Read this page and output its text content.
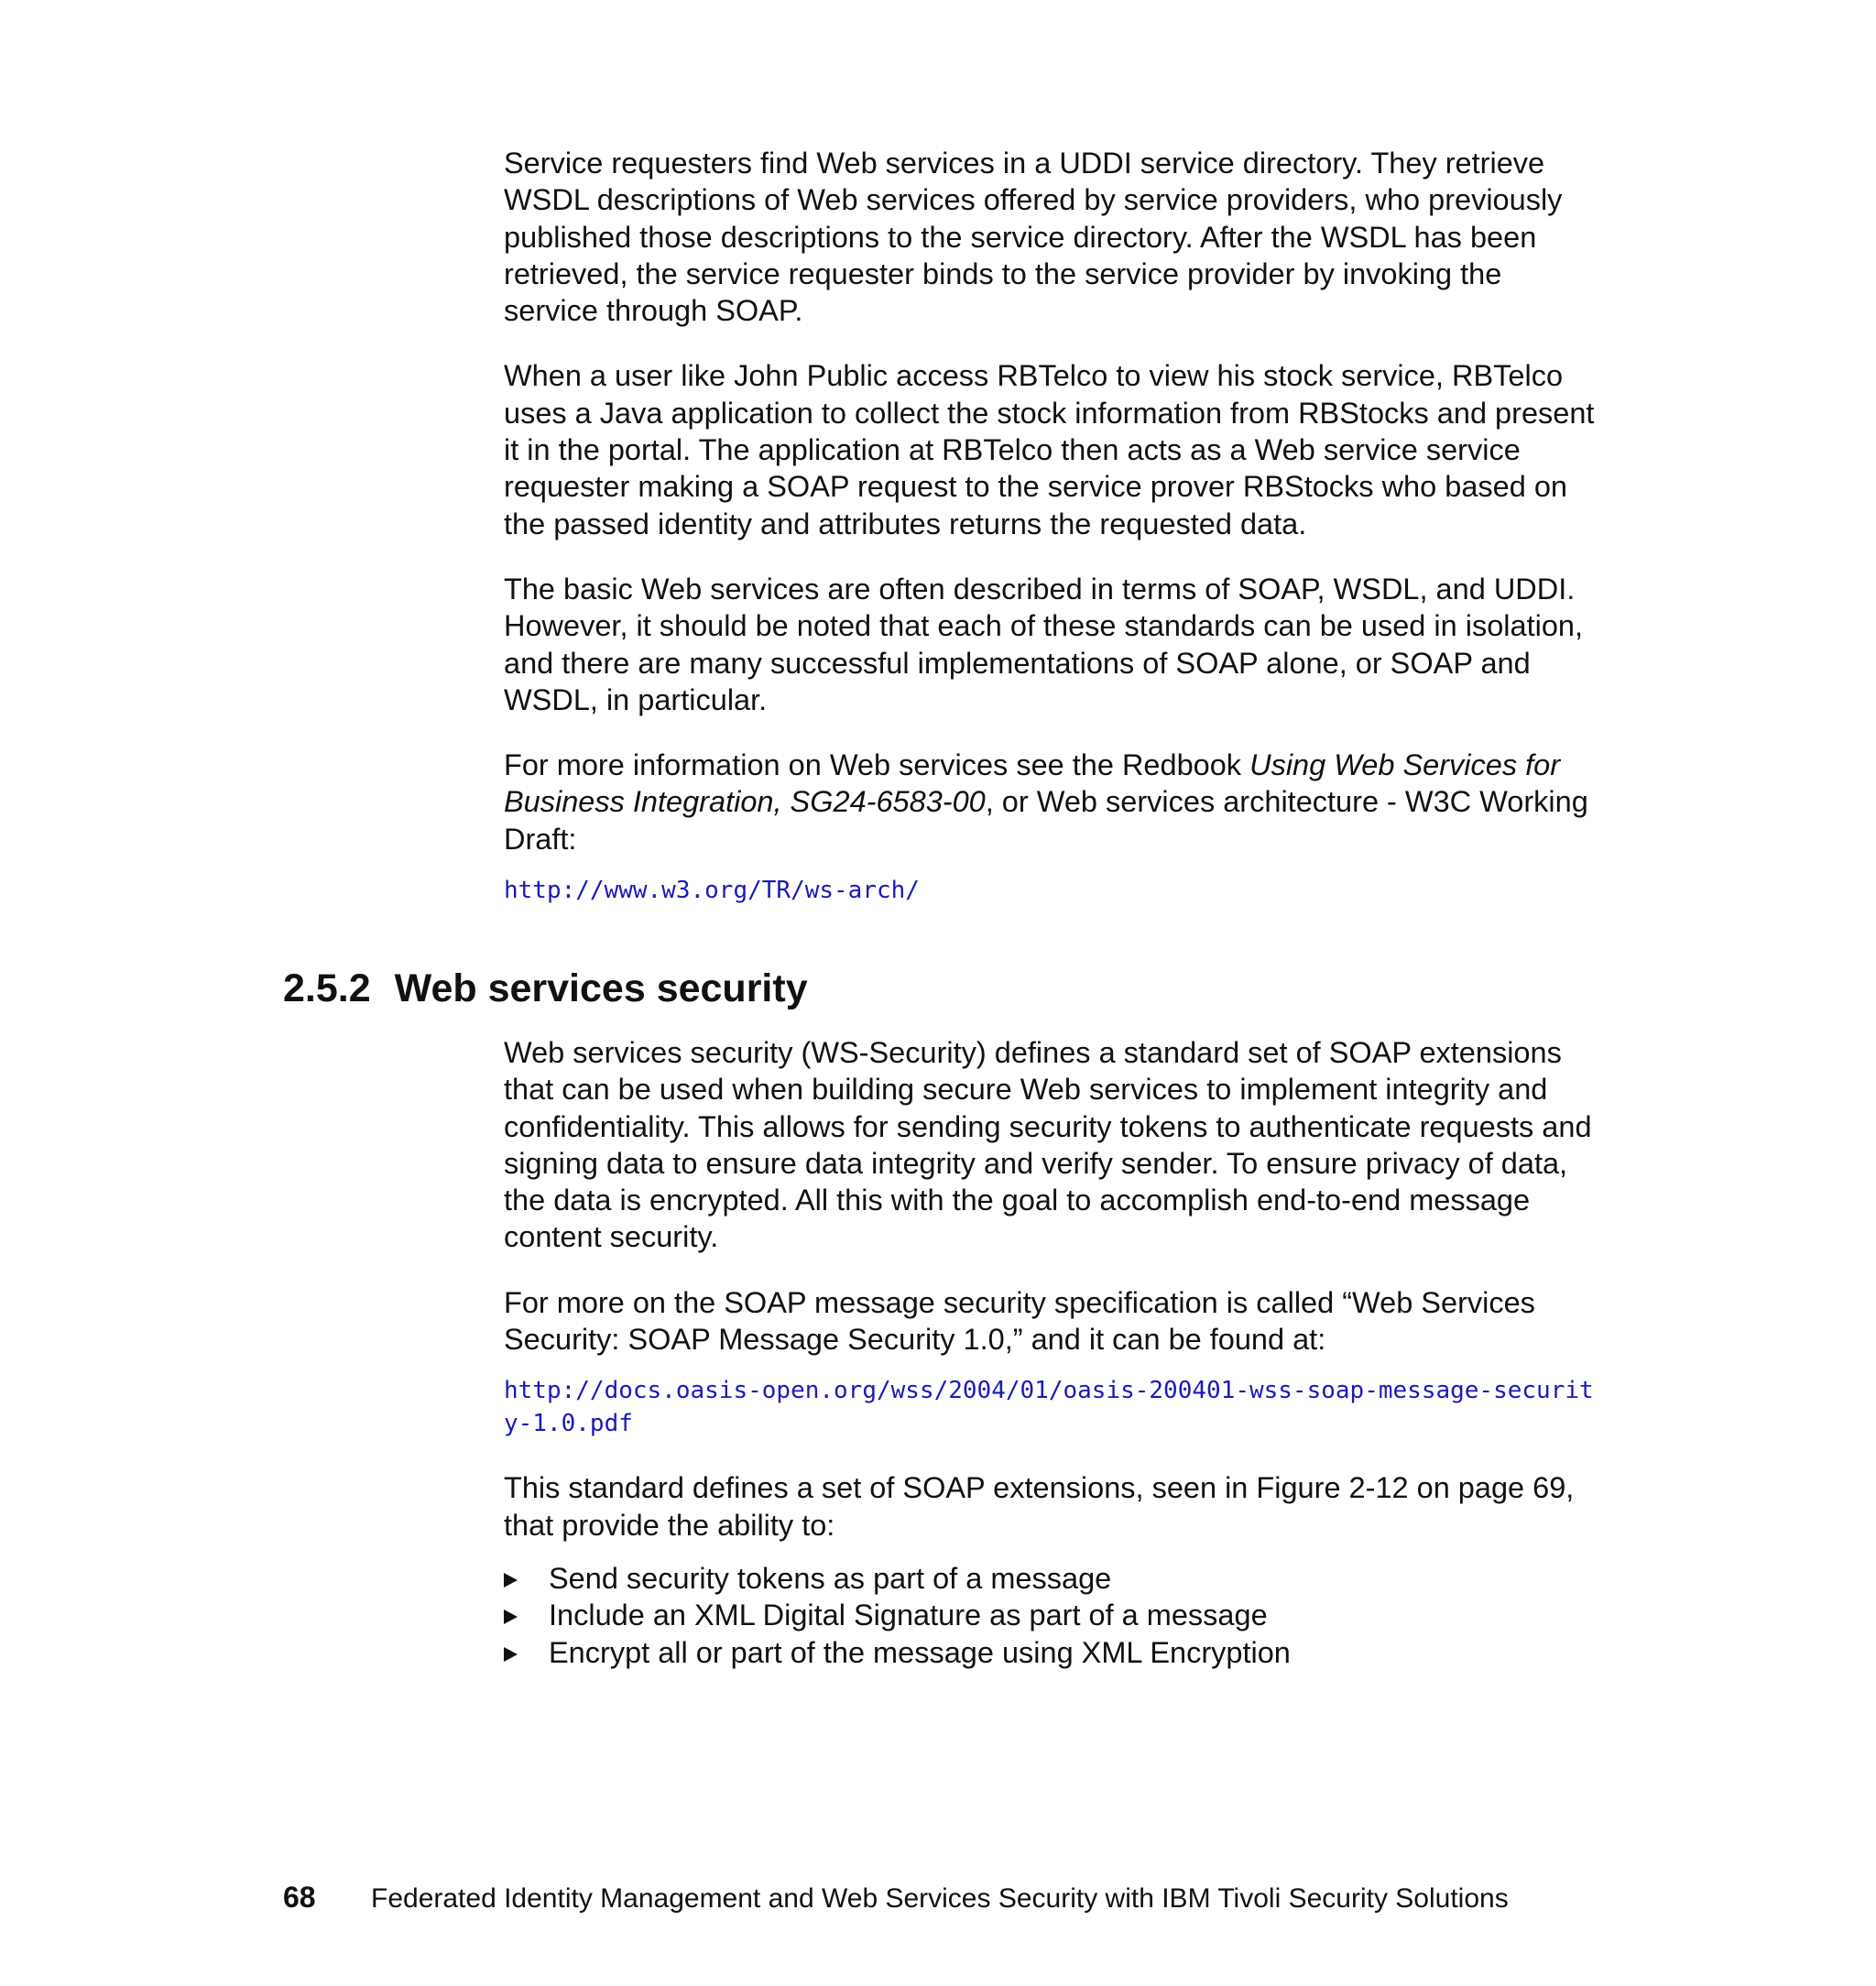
Service requesters find Web services in a UDDI service directory. They retrieve WSDL descriptions of Web services offered by service providers, who previously published those descriptions to the service directory. After the WSDL has been retrieved, the service requester binds to the service provider by invoking the service through SOAP.

When a user like John Public access RBTelco to view his stock service, RBTelco uses a Java application to collect the stock information from RBStocks and present it in the portal. The application at RBTelco then acts as a Web service service requester making a SOAP request to the service prover RBStocks who based on the passed identity and attributes returns the requested data.

The basic Web services are often described in terms of SOAP, WSDL, and UDDI. However, it should be noted that each of these standards can be used in isolation, and there are many successful implementations of SOAP alone, or SOAP and WSDL, in particular.

For more information on Web services see the Redbook Using Web Services for Business Integration, SG24-6583-00, or Web services architecture - W3C Working Draft:

http://www.w3.org/TR/ws-arch/
2.5.2 Web services security

Web services security (WS-Security) defines a standard set of SOAP extensions that can be used when building secure Web services to implement integrity and confidentiality. This allows for sending security tokens to authenticate requests and signing data to ensure data integrity and verify sender. To ensure privacy of data, the data is encrypted. All this with the goal to accomplish end-to-end message content security.

For more on the SOAP message security specification is called “Web Services Security: SOAP Message Security 1.0,” and it can be found at:

http://docs.oasis-open.org/wss/2004/01/oasis-200401-wss-soap-message-security-1.0.pdf

This standard defines a set of SOAP extensions, seen in Figure 2-12 on page 69, that provide the ability to:

Send security tokens as part of a message
Include an XML Digital Signature as part of a message
Encrypt all or part of the message using XML Encryption
68 Federated Identity Management and Web Services Security with IBM Tivoli Security Solutions
